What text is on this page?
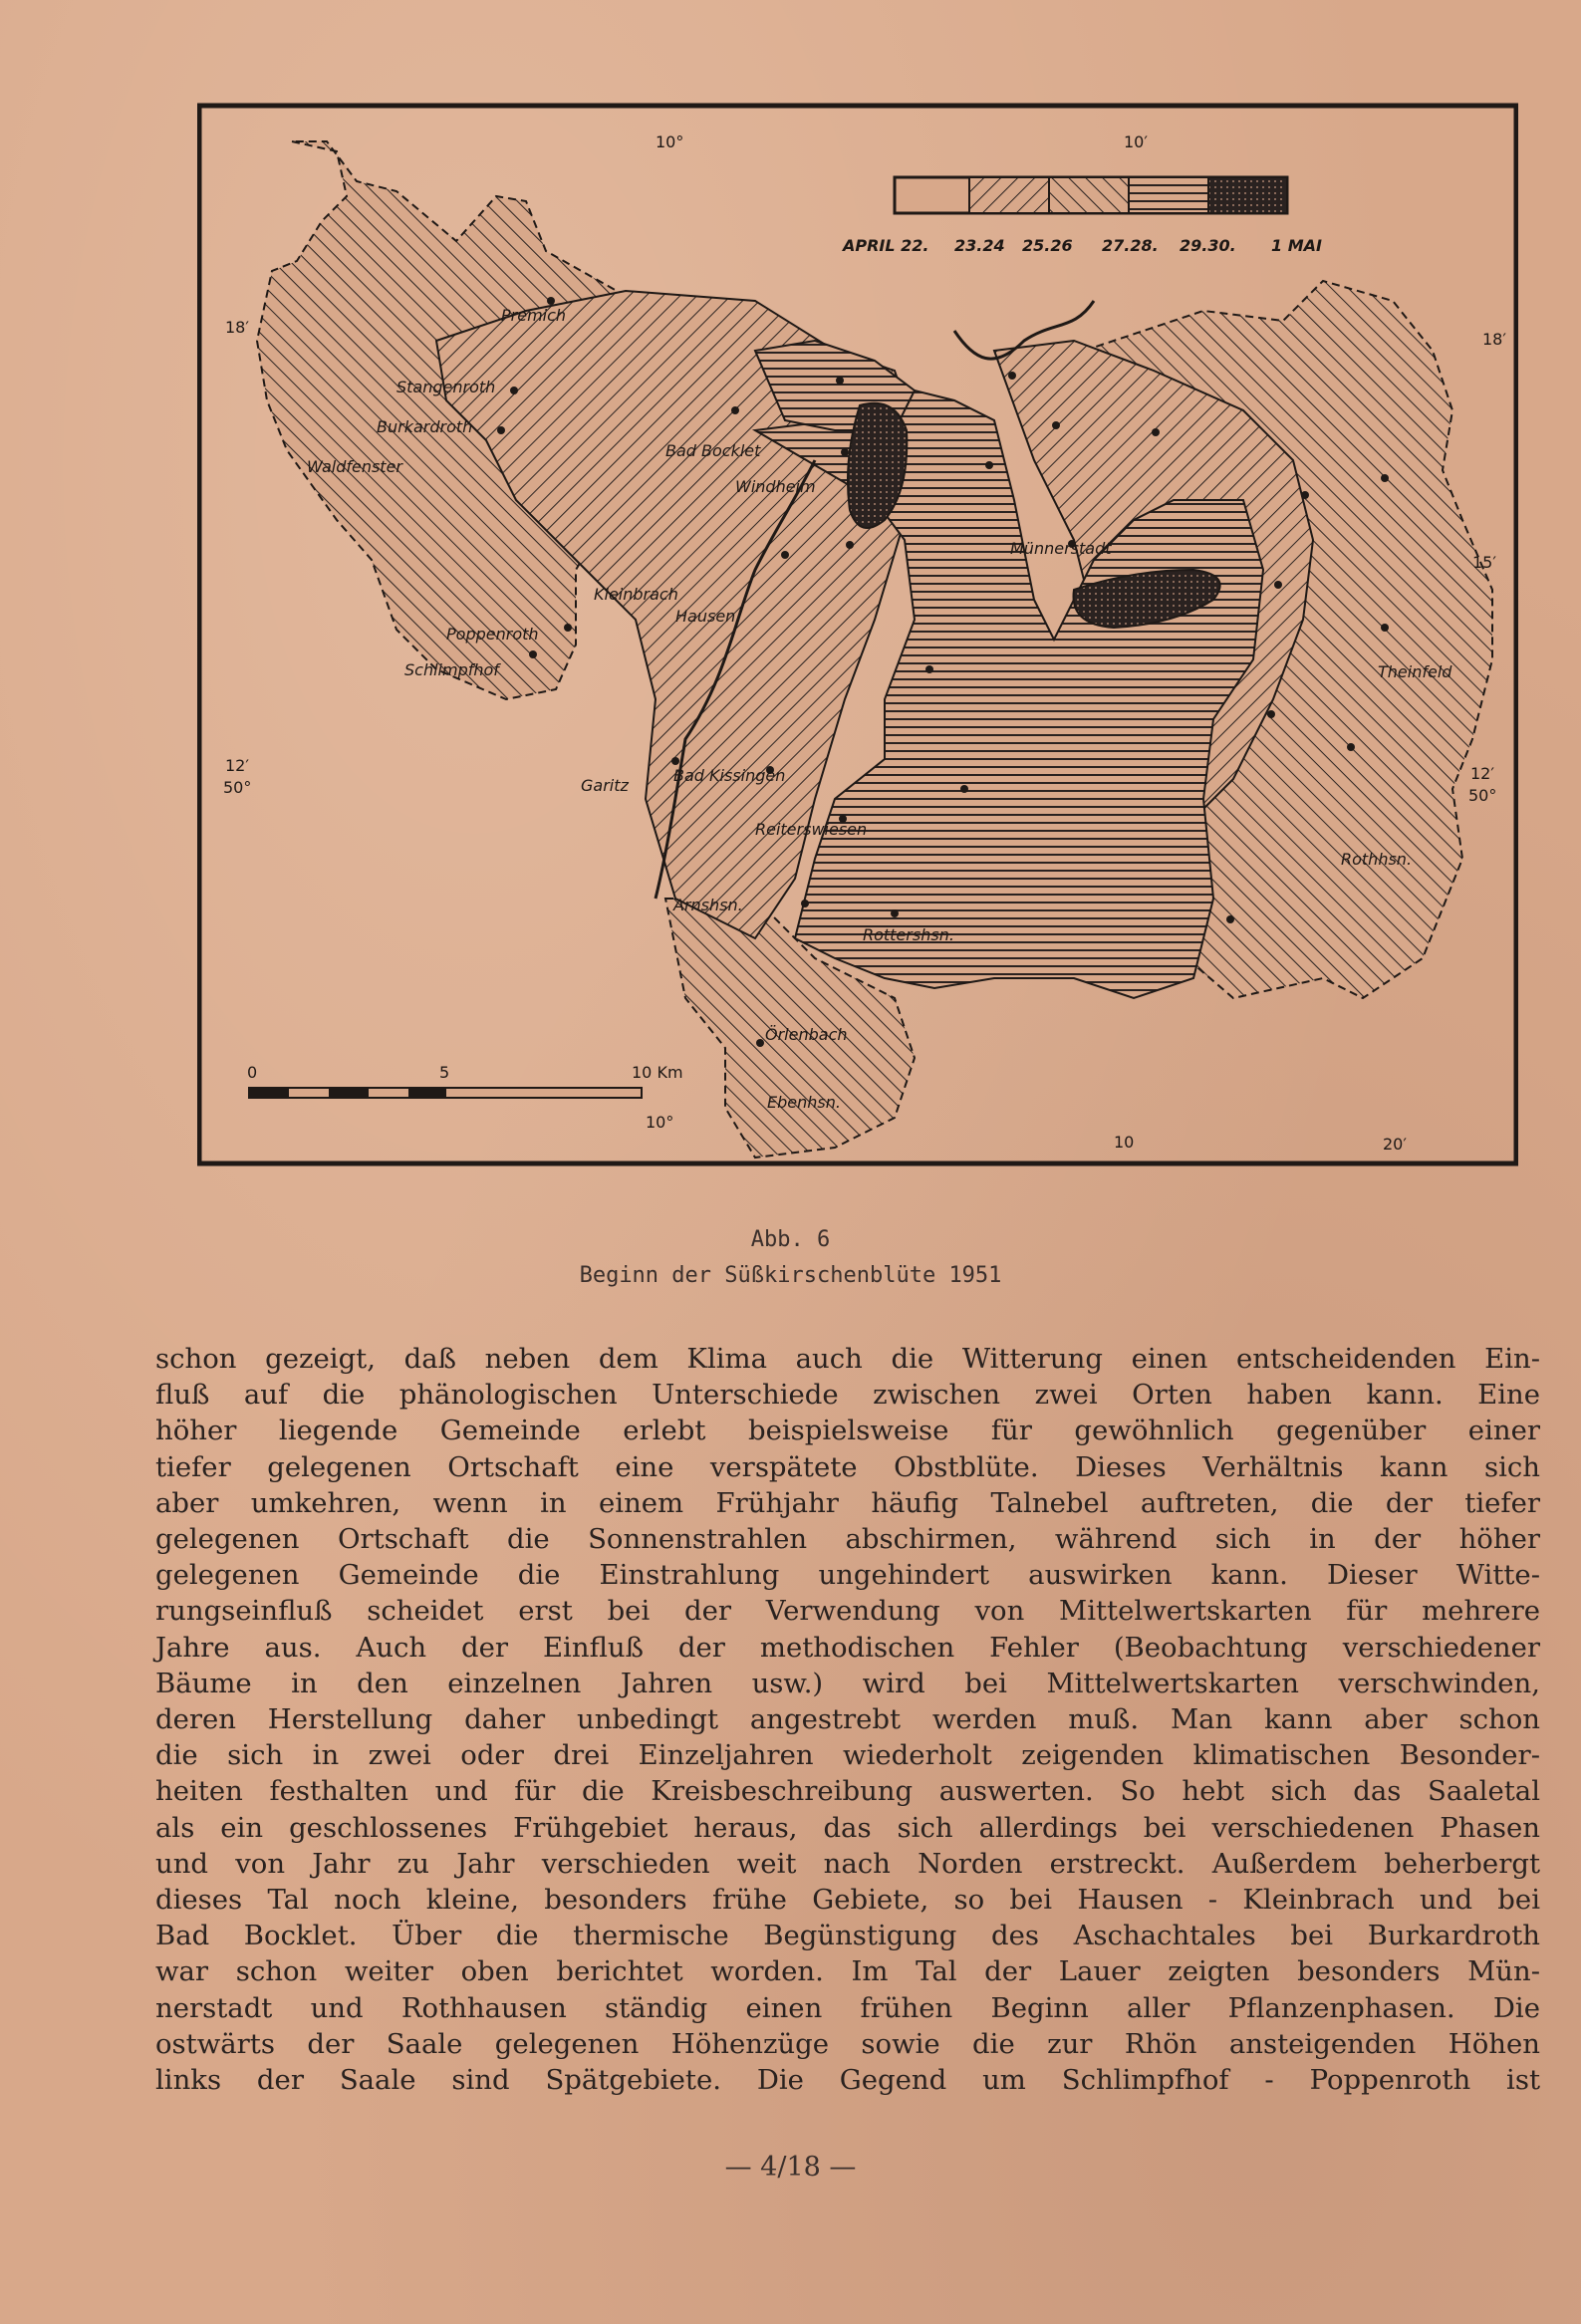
10°	10′
10°
10	20′
18′
18′
15′
12′
50°
12′
50°
APRIL 22. 23.24 25.26 27.28. 29.30. 1 MAI
0	5	10 Km
Premich
Stangenroth
Burkardroth
Waldfenster
Bad Bocklet
Windheim
Münnerstadt
Kleinbrach
Hausen
Poppenroth
Schlimpfhof	Theinfeld
Garitz
Bad Kissingen
Reiterswiesen
Rothhsn.
Arnshsn.
Rottershsn.
Örlenbach
Ebenhsn.
Abb. 6
Beginn der Süßkirschenblüte 1951
schon gezeigt, daß neben dem Klima auch die Witterung einen entscheidenden Ein-
fluß auf die phänologischen Unterschiede zwischen zwei Orten haben kann. Eine
höher liegende Gemeinde erlebt beispielsweise für gewöhnlich gegenüber einer
tiefer gelegenen Ortschaft eine verspätete Obstblüte. Dieses Verhältnis kann sich
aber umkehren, wenn in einem Frühjahr häufig Talnebel auftreten, die der tiefer
gelegenen Ortschaft die Sonnenstrahlen abschirmen, während sich in der höher
gelegenen Gemeinde die Einstrahlung ungehindert auswirken kann. Dieser Witte-
rungseinfluß scheidet erst bei der Verwendung von Mittelwertskarten für mehrere
Jahre aus. Auch der Einfluß der methodischen Fehler (Beobachtung verschiedener
Bäume in den einzelnen Jahren usw.) wird bei Mittelwertskarten verschwinden,
deren Herstellung daher unbedingt angestrebt werden muß. Man kann aber schon
die sich in zwei oder drei Einzeljahren wiederholt zeigenden klimatischen Besonder-
heiten festhalten und für die Kreisbeschreibung auswerten. So hebt sich das Saaletal
als ein geschlossenes Frühgebiet heraus, das sich allerdings bei verschiedenen Phasen
und von Jahr zu Jahr verschieden weit nach Norden erstreckt. Außerdem beherbergt
dieses Tal noch kleine, besonders frühe Gebiete, so bei Hausen - Kleinbrach und bei
Bad Bocklet. Über die thermische Begünstigung des Aschachtales bei Burkardroth
war schon weiter oben berichtet worden. Im Tal der Lauer zeigten besonders Mün-
nerstadt und Rothhausen ständig einen frühen Beginn aller Pflanzenphasen. Die
ostwärts der Saale gelegenen Höhenzüge sowie die zur Rhön ansteigenden Höhen
links der Saale sind Spätgebiete. Die Gegend um Schlimpfhof - Poppenroth ist
— 4/18 —
